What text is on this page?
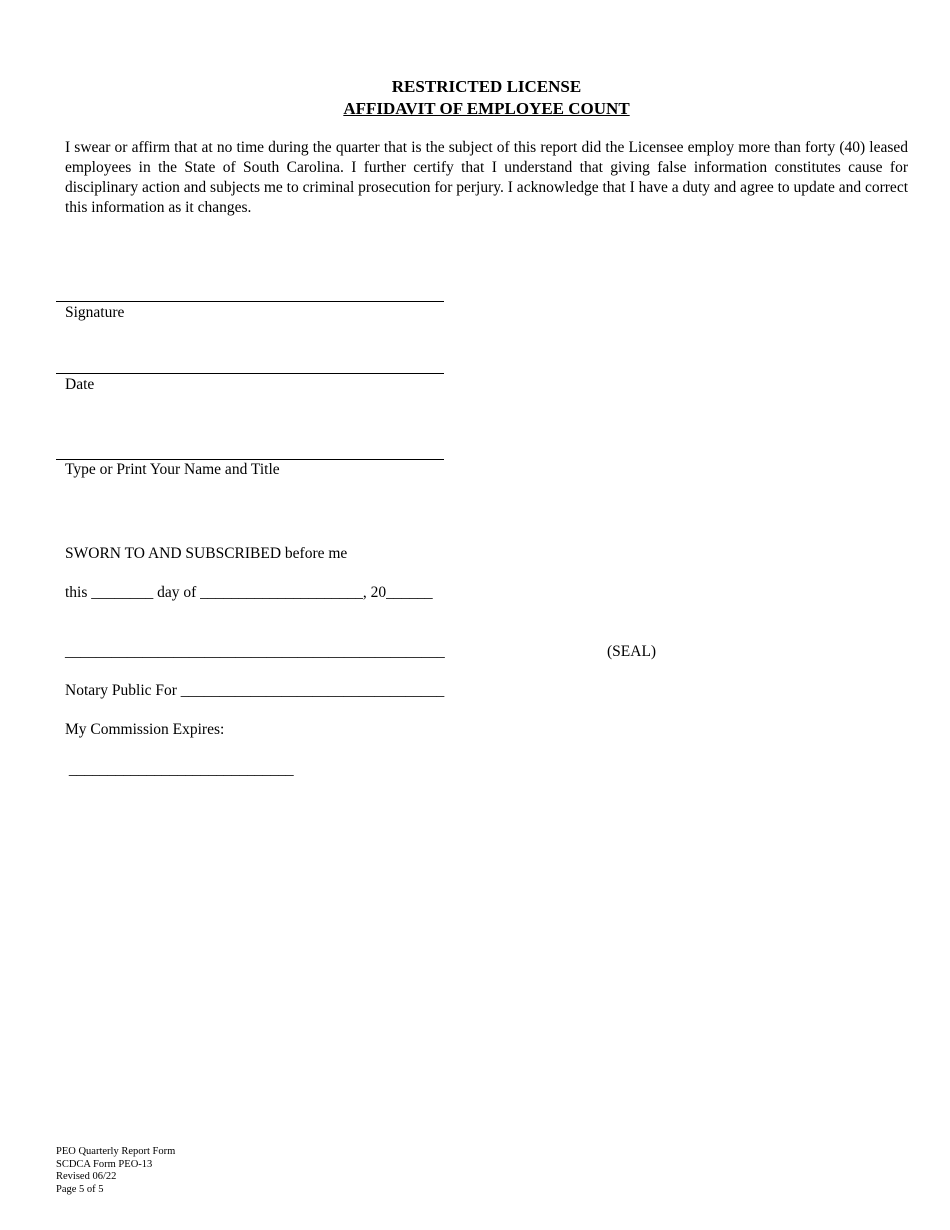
RESTRICTED LICENSE
AFFIDAVIT OF EMPLOYEE COUNT
I swear or affirm that at no time during the quarter that is the subject of this report did the Licensee employ more than forty (40) leased employees in the State of South Carolina. I further certify that I understand that giving false information constitutes cause for disciplinary action and subjects me to criminal prosecution for perjury. I acknowledge that I have a duty and agree to update and correct this information as it changes.
Signature
Date
Type or Print Your Name and Title
SWORN TO AND SUBSCRIBED before me
this ________ day of _____________________, 20______
_________________________________________________	(SEAL)
Notary Public For __________________________________
My Commission Expires:
_____________________________
PEO Quarterly Report Form
SCDCA Form PEO-13
Revised 06/22
Page 5 of 5
